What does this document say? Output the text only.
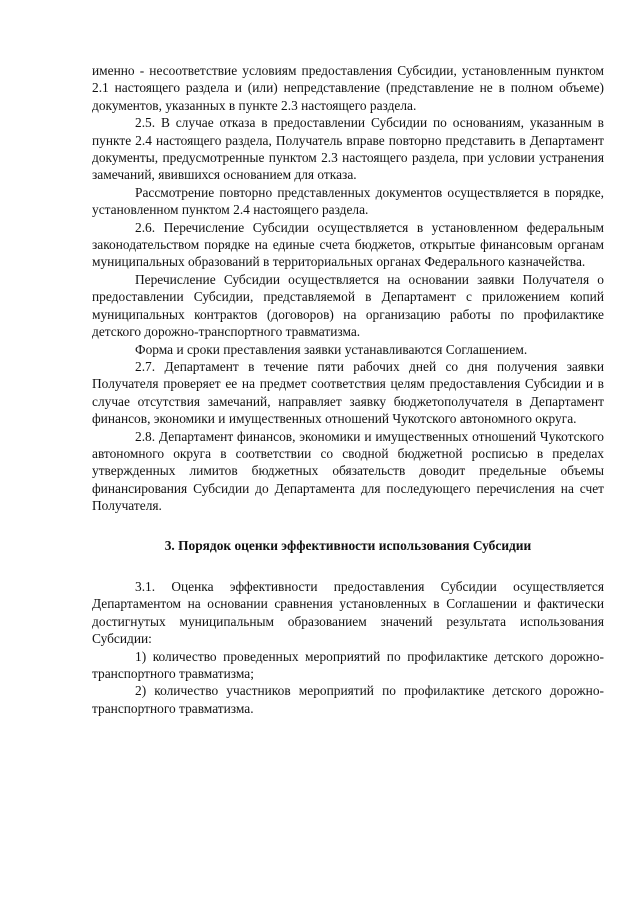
именно - несоответствие условиям предоставления Субсидии, установленным пунктом 2.1 настоящего раздела и (или) непредставление (представление не в полном объеме) документов, указанных в пункте 2.3 настоящего раздела.

2.5. В случае отказа в предоставлении Субсидии по основаниям, указанным в пункте 2.4 настоящего раздела, Получатель вправе повторно представить в Департамент документы, предусмотренные пунктом 2.3 настоящего раздела, при условии устранения замечаний, явившихся основанием для отказа.

Рассмотрение повторно представленных документов осуществляется в порядке, установленном пунктом 2.4 настоящего раздела.

2.6. Перечисление Субсидии осуществляется в установленном федеральным законодательством порядке на единые счета бюджетов, открытые финансовым органам муниципальных образований в территориальных органах Федерального казначейства.

Перечисление Субсидии осуществляется на основании заявки Получателя о предоставлении Субсидии, представляемой в Департамент с приложением копий муниципальных контрактов (договоров) на организацию работы по профилактике детского дорожно-транспортного травматизма.

Форма и сроки преставления заявки устанавливаются Соглашением.

2.7. Департамент в течение пяти рабочих дней со дня получения заявки Получателя проверяет ее на предмет соответствия целям предоставления Субсидии и в случае отсутствия замечаний, направляет заявку бюджетополучателя в Департамент финансов, экономики и имущественных отношений Чукотского автономного округа.

2.8. Департамент финансов, экономики и имущественных отношений Чукотского автономного округа в соответствии со сводной бюджетной росписью в пределах утвержденных лимитов бюджетных обязательств доводит предельные объемы финансирования Субсидии до Департамента для последующего перечисления на счет Получателя.

3. Порядок оценки эффективности использования Субсидии

3.1. Оценка эффективности предоставления Субсидии осуществляется Департаментом на основании сравнения установленных в Соглашении и фактически достигнутых муниципальным образованием значений результата использования Субсидии:

1) количество проведенных мероприятий по профилактике детского дорожно-транспортного травматизма;

2) количество участников мероприятий по профилактике детского дорожно-транспортного травматизма.
